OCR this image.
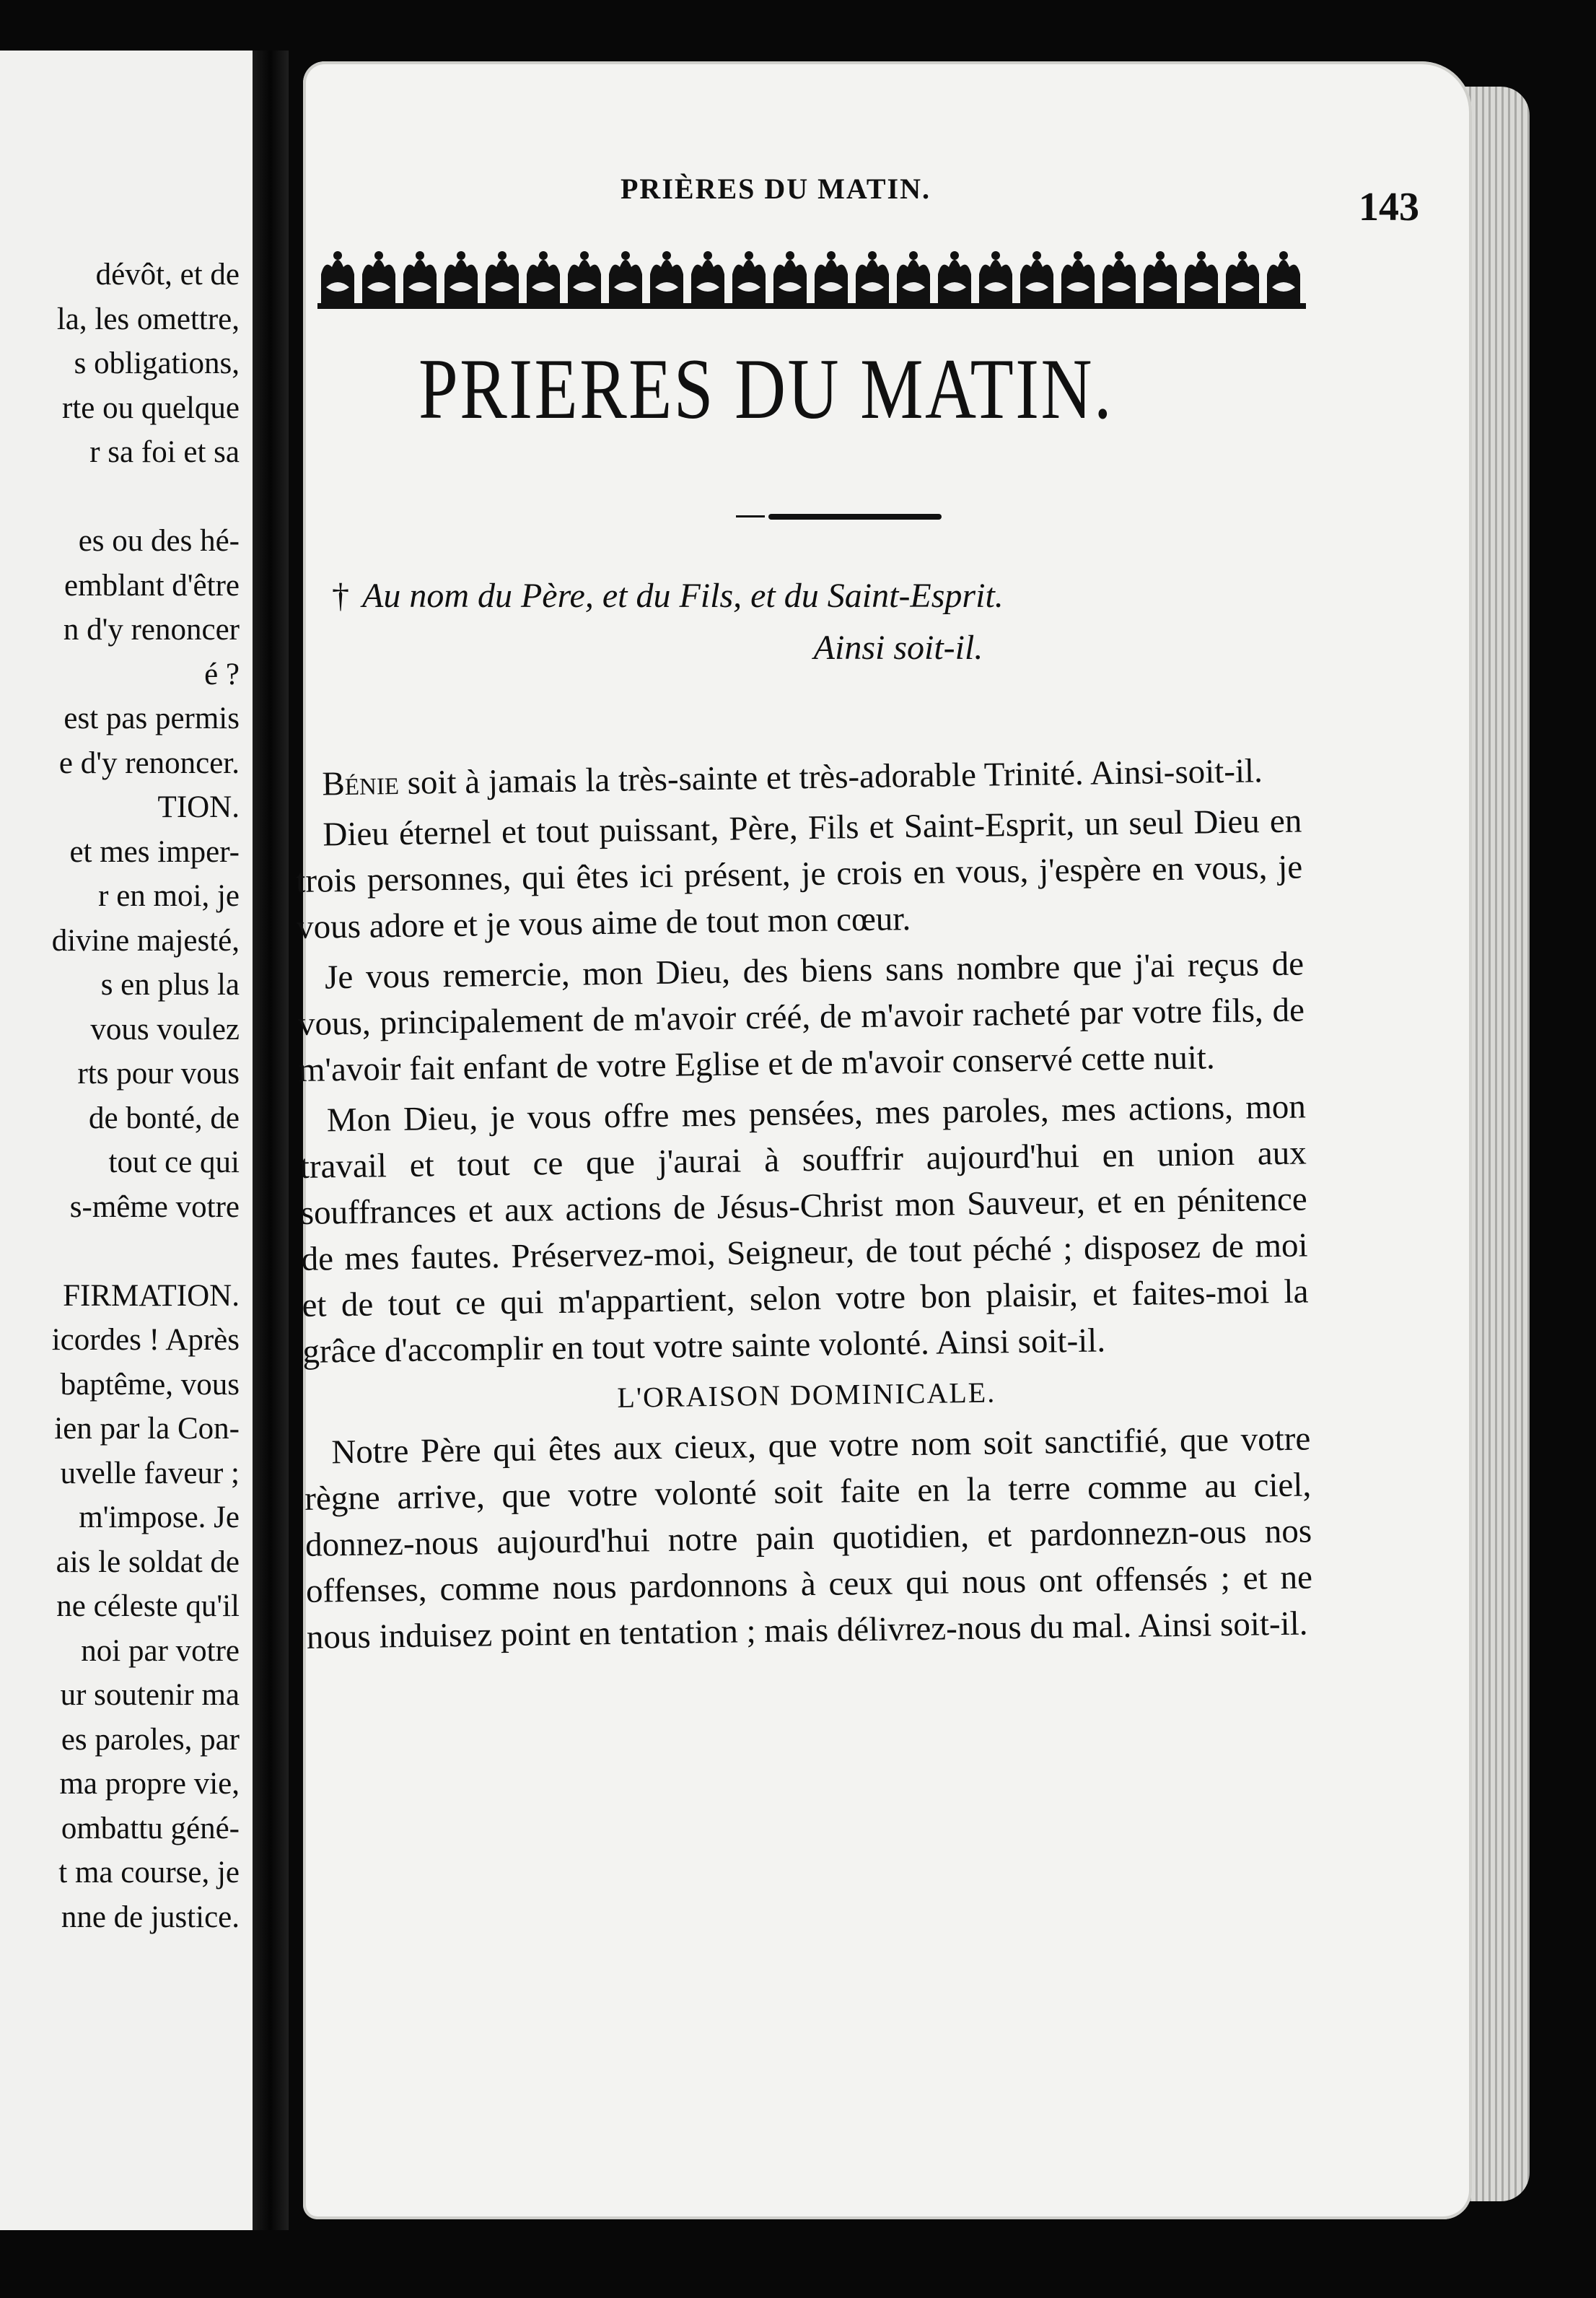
dévôt, et de
la, les omettre,
s obligations,
rte ou quelque
r sa foi et sa

es ou des hé-
emblant d'être
n d'y renoncer
é ?
est pas permis
e d'y renoncer.
TION.
et mes imper-
r en moi, je
divine majesté,
s en plus la
vous voulez
rts pour vous
de bonté, de
tout ce qui
s-même votre

FIRMATION.
icordes ! Après
baptême, vous
ien par la Con-
uvelle faveur ;
m'impose. Je
ais le soldat de
ne céleste qu'il
noi par votre
ur soutenir ma
es paroles, par
ma propre vie,
ombattu géné-
t ma course, je
nne de justice.
PRIÈRES DU MATIN.	143
PRIERES DU MATIN.
† Au nom du Père, et du Fils, et du Saint-Esprit.
Ainsi soit-il.

Bénie soit à jamais la très-sainte et très-adorable Trinité. Ainsi-soit-il.

Dieu éternel et tout puissant, Père, Fils et Saint-Esprit, un seul Dieu en trois personnes, qui êtes ici présent, je crois en vous, j'espère en vous, je vous adore et je vous aime de tout mon cœur.

Je vous remercie, mon Dieu, des biens sans nombre que j'ai reçus de vous, principalement de m'avoir créé, de m'avoir racheté par votre fils, de m'avoir fait enfant de votre Eglise et de m'avoir conservé cette nuit.

Mon Dieu, je vous offre mes pensées, mes paroles, mes actions, mon travail et tout ce que j'aurai à souffrir aujourd'hui en union aux souffrances et aux actions de Jésus-Christ mon Sauveur, et en pénitence de mes fautes. Préservez-moi, Seigneur, de tout péché ; disposez de moi et de tout ce qui m'appartient, selon votre bon plaisir, et faites-moi la grâce d'accomplir en tout votre sainte volonté. Ainsi soit-il.

L'ORAISON DOMINICALE.

Notre Père qui êtes aux cieux, que votre nom soit sanctifié, que votre règne arrive, que votre volonté soit faite en la terre comme au ciel, donnez-nous aujourd'hui notre pain quotidien, et pardonnezn-ous nos offenses, comme nous pardonnons à ceux qui nous ont offensés ; et ne nous induisez point en tentation ; mais délivrez-nous du mal. Ainsi soit-il.
